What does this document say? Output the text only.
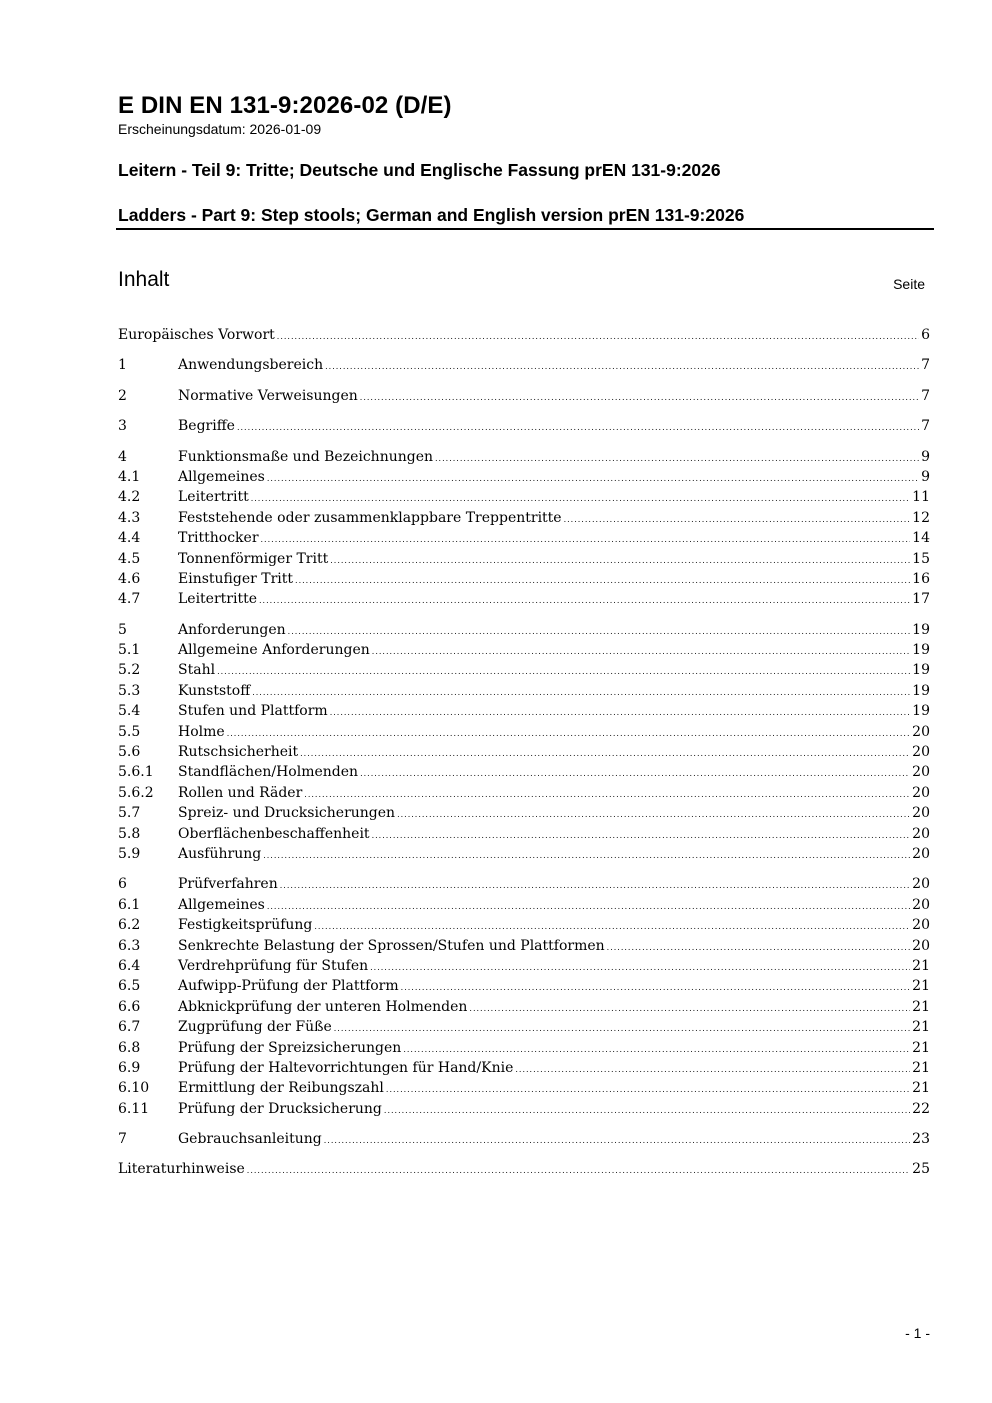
E DIN EN 131-9:2026-02 (D/E)
Erscheinungsdatum: 2026-01-09
Leitern - Teil 9: Tritte; Deutsche und Englische Fassung prEN 131-9:2026
Ladders - Part 9: Step stools; German and English version prEN 131-9:2026
Inhalt	Seite
Europäisches Vorwort .....	6
1	Anwendungsbereich .....	7
2	Normative Verweisungen .....	7
3	Begriffe .....	7
4	Funktionsmaße und Bezeichnungen .....	9
4.1	Allgemeines .....	9
4.2	Leitertritt .....	11
4.3	Feststehende oder zusammenklappbare Treppentritte .....	12
4.4	Tritthocker .....	14
4.5	Tonnenförmiger Tritt .....	15
4.6	Einstufiger Tritt .....	16
4.7	Leitertritte .....	17
5	Anforderungen .....	19
5.1	Allgemeine Anforderungen .....	19
5.2	Stahl .....	19
5.3	Kunststoff .....	19
5.4	Stufen und Plattform .....	19
5.5	Holme .....	20
5.6	Rutschsicherheit .....	20
5.6.1	Standflächen/Holmenden .....	20
5.6.2	Rollen und Räder .....	20
5.7	Spreiz- und Drucksicherungen .....	20
5.8	Oberflächenbeschaffenheit .....	20
5.9	Ausführung .....	20
6	Prüfverfahren .....	20
6.1	Allgemeines .....	20
6.2	Festigkeitsprüfung .....	20
6.3	Senkrechte Belastung der Sprossen/Stufen und Plattformen .....	20
6.4	Verdrehprüfung für Stufen .....	21
6.5	Aufwipp-Prüfung der Plattform .....	21
6.6	Abknickprüfung der unteren Holmenden .....	21
6.7	Zugprüfung der Füße .....	21
6.8	Prüfung der Spreizsicherungen .....	21
6.9	Prüfung der Haltevorrichtungen für Hand/Knie .....	21
6.10	Ermittlung der Reibungszahl .....	21
6.11	Prüfung der Drucksicherung .....	22
7	Gebrauchsanleitung .....	23
Literaturhinweise .....	25
- 1 -
